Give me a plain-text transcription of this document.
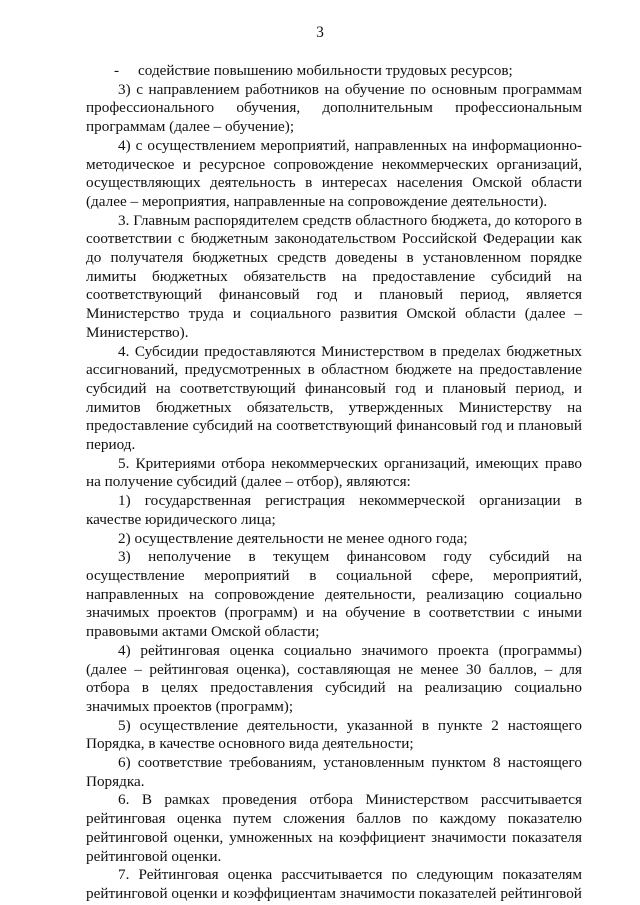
3

-     содействие повышению мобильности трудовых ресурсов;

3) с направлением работников на обучение по основным программам профессионального обучения, дополнительным профессиональным программам (далее – обучение);

4) с осуществлением мероприятий, направленных на информационно-методическое и ресурсное сопровождение некоммерческих организаций, осуществляющих деятельность в интересах населения Омской области (далее – мероприятия, направленные на сопровождение деятельности).

3. Главным распорядителем средств областного бюджета, до которого в соответствии с бюджетным законодательством Российской Федерации как до получателя бюджетных средств доведены в установленном порядке лимиты бюджетных обязательств на предоставление субсидий на соответствующий финансовый год и плановый период, является Министерство труда и социального развития Омской области (далее – Министерство).

4. Субсидии предоставляются Министерством в пределах бюджетных ассигнований, предусмотренных в областном бюджете на предоставление субсидий на соответствующий финансовый год и плановый период, и лимитов бюджетных обязательств, утвержденных Министерству на предоставление субсидий на соответствующий финансовый год и плановый период.

5. Критериями отбора некоммерческих организаций, имеющих право на получение субсидий (далее – отбор), являются:

1) государственная регистрация некоммерческой организации в качестве юридического лица;

2) осуществление деятельности не менее одного года;

3) неполучение в текущем финансовом году субсидий на осуществление мероприятий в социальной сфере, мероприятий, направленных на сопровождение деятельности, реализацию социально значимых проектов (программ) и на обучение в соответствии с иными правовыми актами Омской области;

4) рейтинговая оценка социально значимого проекта (программы) (далее – рейтинговая оценка), составляющая не менее 30 баллов, – для отбора в целях предоставления субсидий на реализацию социально значимых проектов (программ);

5) осуществление деятельности, указанной в пункте 2 настоящего Порядка, в качестве основного вида деятельности;

6) соответствие требованиям, установленным пунктом 8 настоящего Порядка.

6. В рамках проведения отбора Министерством рассчитывается рейтинговая оценка путем сложения баллов по каждому показателю рейтинговой оценки, умноженных на коэффициент значимости показателя рейтинговой оценки.

7. Рейтинговая оценка рассчитывается по следующим показателям рейтинговой оценки и коэффициентам значимости показателей рейтинговой
